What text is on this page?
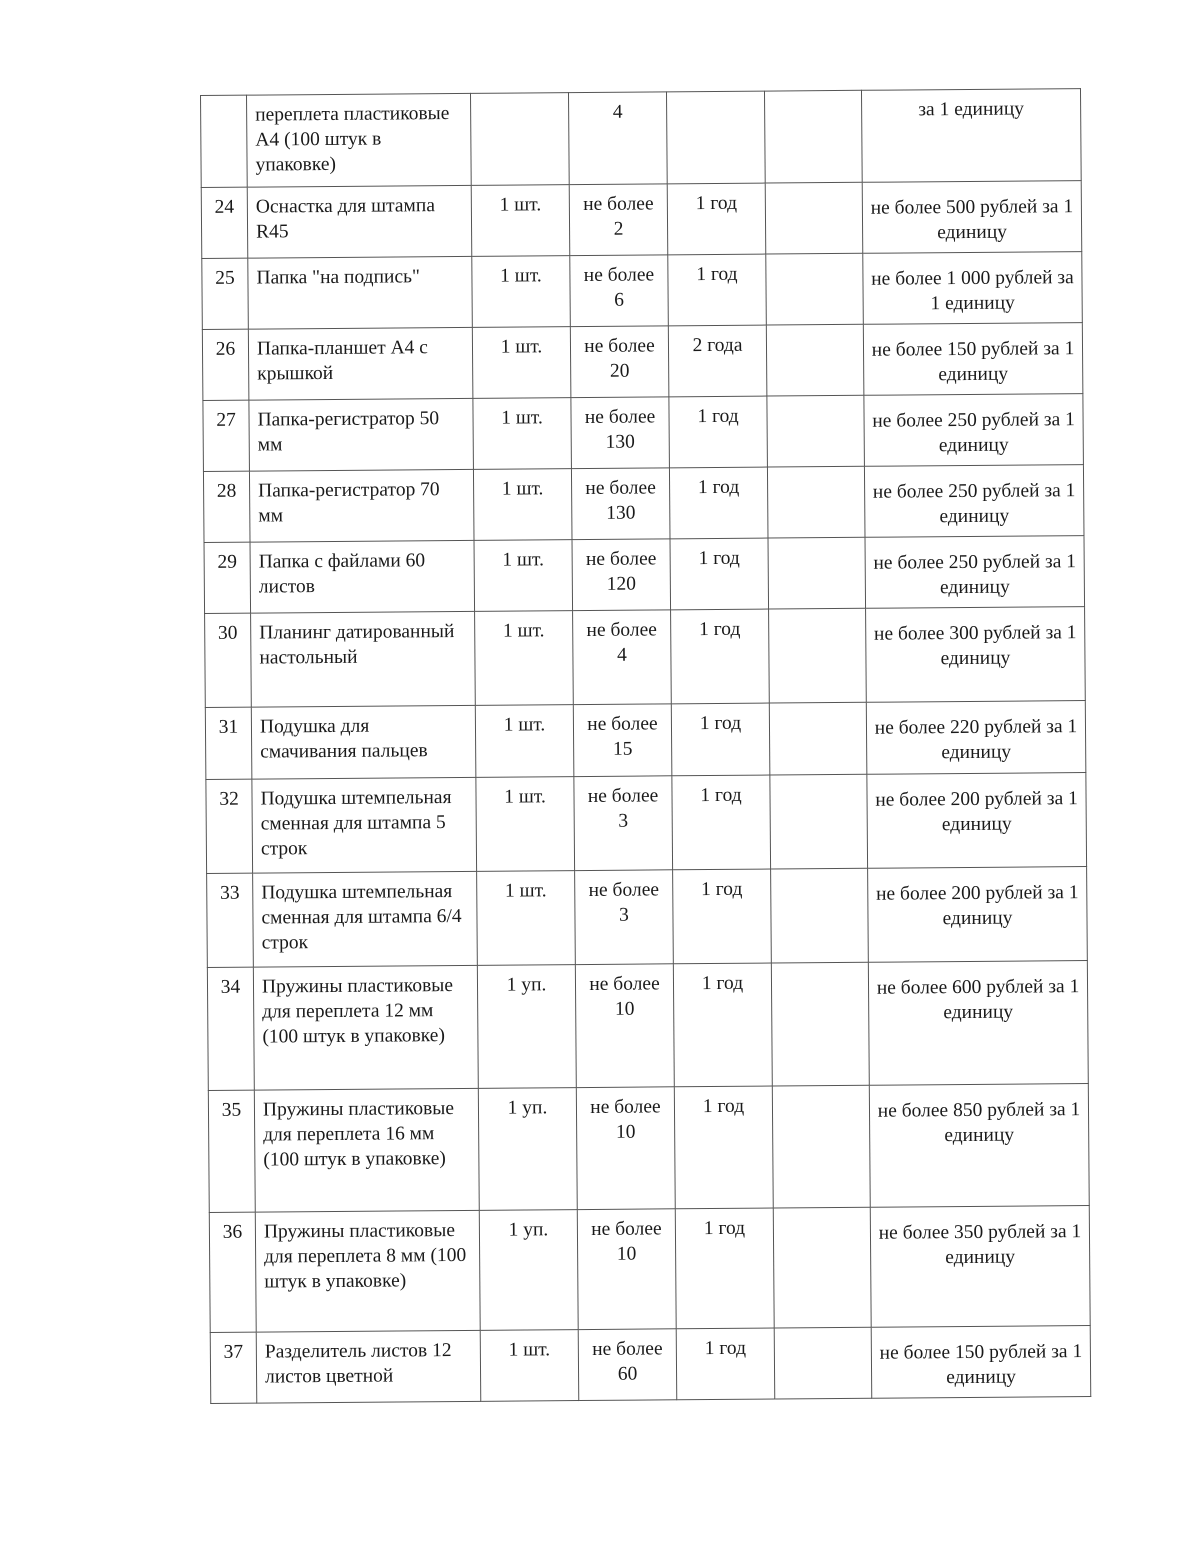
	переплета пластиковые А4 (100 штук в упаковке)		4			за 1 единицу
24	Оснастка для штампа R45	1 шт.	не более 2	1 год		не более 500 рублей за 1 единицу
25	Папка "на подпись"	1 шт.	не более 6	1 год		не более 1 000 рублей за 1 единицу
26	Папка-планшет А4 с крышкой	1 шт.	не более 20	2 года		не более 150 рублей за 1 единицу
27	Папка-регистратор 50 мм	1 шт.	не более 130	1 год		не более 250 рублей за 1 единицу
28	Папка-регистратор 70 мм	1 шт.	не более 130	1 год		не более 250 рублей за 1 единицу
29	Папка с файлами 60 листов	1 шт.	не более 120	1 год		не более 250 рублей за 1 единицу
30	Планинг датированный настольный	1 шт.	не более 4	1 год		не более 300 рублей за 1 единицу
31	Подушка для смачивания пальцев	1 шт.	не более 15	1 год		не более 220 рублей за 1 единицу
32	Подушка штемпельная сменная для штампа 5 строк	1 шт.	не более 3	1 год		не более 200 рублей за 1 единицу
33	Подушка штемпельная сменная для штампа 6/4 строк	1 шт.	не более 3	1 год		не более 200 рублей за 1 единицу
34	Пружины пластиковые для переплета 12 мм (100 штук в упаковке)	1 уп.	не более 10	1 год		не более 600 рублей за 1 единицу
35	Пружины пластиковые для переплета 16 мм (100 штук в упаковке)	1 уп.	не более 10	1 год		не более 850 рублей за 1 единицу
36	Пружины пластиковые для переплета 8 мм (100 штук в упаковке)	1 уп.	не более 10	1 год		не более 350 рублей за 1 единицу
37	Разделитель листов 12 листов цветной	1 шт.	не более 60	1 год		не более 150 рублей за 1 единицу
